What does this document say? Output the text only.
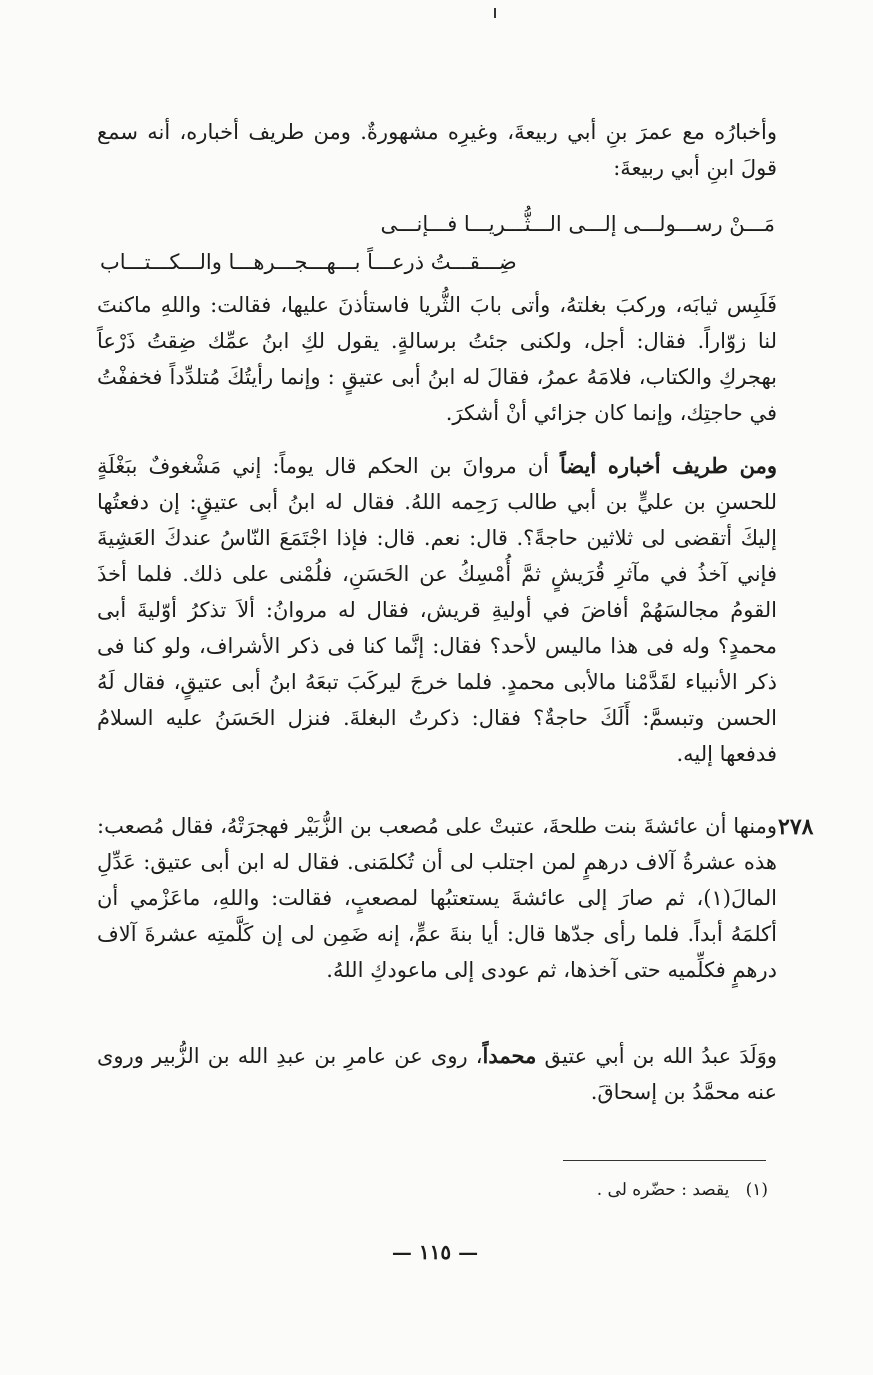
وأخبارُه مع عمرَ بنِ أبي ربيعةَ، وغيرِه مشهورةٌ. ومن طريف أخباره، أنه سمع قولَ ابنِ أبي ربيعةَ:

مَـــنْ رســـولـــى إلـــى الـــثُّـــريـــا فـــإنـــى
ضِـــقـــتُ ذرعـــاً بـــهـــجـــرهـــا والـــكـــتـــاب

فَلَبِس ثيابَه، وركبَ بغلتهُ، وأتى بابَ الثُّريا فاستأذنَ عليها، فقالت: واللهِ ماكنتَ لنا زوّاراً. فقال: أجل، ولكنى جئتُ برسالةٍ. يقول لكِ ابنُ عمِّك ضِقتُ ذَرْعاً بهجركِ والكتاب، فلامَهُ عمرُ، فقالَ له ابنُ أبى عتيقٍ : وإنما رأيتُكَ مُتلدِّداً فخففْتُ في حاجتِك، وإنما كان جزائي أنْ أشكرَ.

ومن طريف أخباره أيضاً أن مروانَ بن الحكم قال يوماً: إني مَشْغوفٌ ببَغْلَةٍ للحسنِ بن عليٍّ بن أبي طالب رَحِمه اللهُ. فقال له ابنُ أبى عتيقٍ: إن دفعتُها إليكَ أتقضى لى ثلاثين حاجةً؟. قال: نعم. قال: فإذا اجْتَمَعَ النّاسُ عندكَ العَشِيةَ فإني آخذُ في مآثرِ قُرَيشٍ ثمَّ أُمْسِكُ عن الحَسَنِ، فلُمْنى على ذلك. فلما أخذَ القومُ مجالسَهُمْ أفاضَ في أوليةِ قريش، فقال له مروانُ: ألاَ تذكرُ أوّليةَ أبى محمدٍ؟ وله فى هذا ماليس لأحد؟ فقال: إنَّما كنا فى ذكر الأشراف، ولو كنا فى ذكر الأنبياء لقَدَّمْنا مالأبى محمدٍ. فلما خرجَ ليركَبَ تبعَهُ ابنُ أبى عتيقٍ، فقال لَهُ الحسن وتبسمَّ: أَلَكَ حاجةٌ؟ فقال: ذكرتُ البغلةَ. فنزل الحَسَنُ عليه السلامُ فدفعها إليه.

٢٧٨

ومنها أن عائشةَ بنت طلحةَ، عتبتْ على مُصعب بن الزُّبَيْر فهجرَتْهُ، فقال مُصعب: هذه عشرةُ آلاف درهمٍ لمن اجتلب لى أن تُكلمَنى. فقال له ابن أبى عتيق: عَدِّلِ المالَ(١)، ثم صارَ إلى عائشةَ يستعتبُها لمصعبٍ، فقالت: واللهِ، ماعَزْمي أن أكلمَهُ أبداً. فلما رأى جدّها قال: أيا بنةَ عمٍّ، إنه ضَمِن لى إن كَلَّمتِه عشرةَ آلاف درهمٍ فكلِّميه حتى آخذها، ثم عودى إلى ماعودكِ اللهُ.

ووَلَدَ عبدُ الله بن أبي عتيق محمداً، روى عن عامرِ بن عبدِ الله بن الزُّبير وروى عنه محمَّدُ بن إسحاقَ.

(١)   يقصد : حضّره لى .
— ١١٥ —
